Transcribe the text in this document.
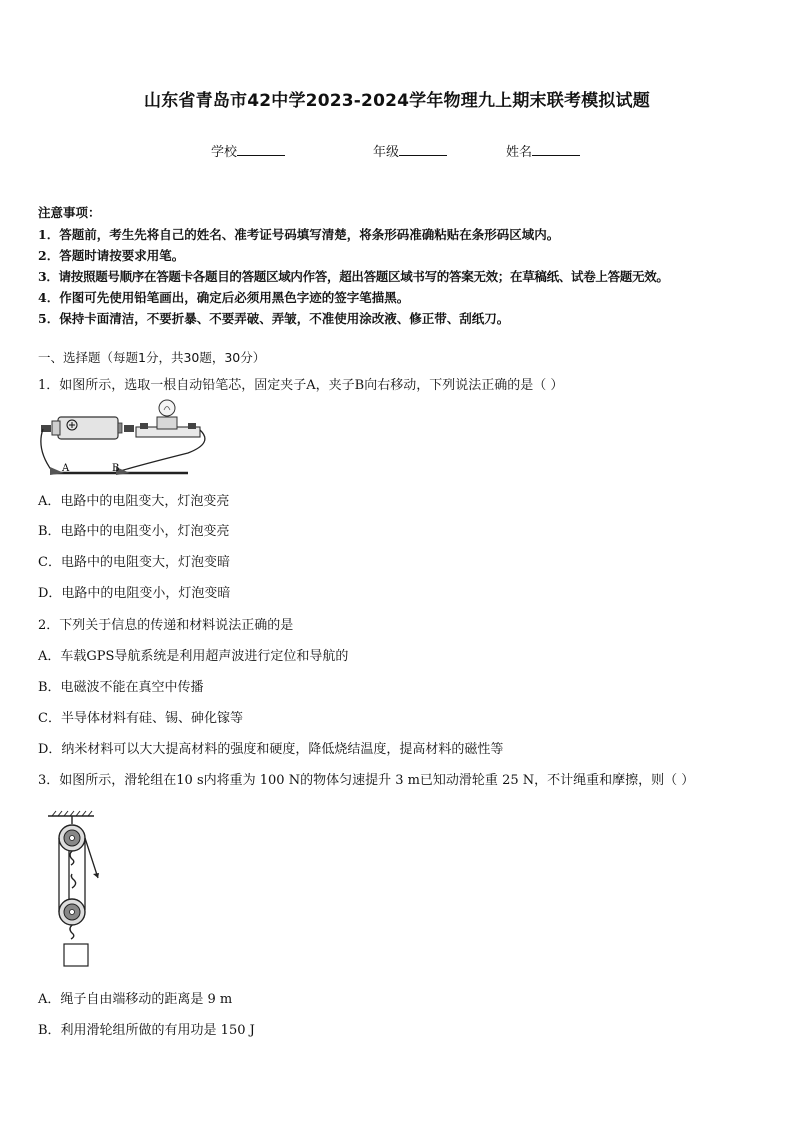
山东省青岛市42中学2023-2024学年物理九上期末联考模拟试题
学校	年级	姓名
注意事项：
1．答题前，考生先将自己的姓名、准考证号码填写清楚，将条形码准确粘贴在条形码区域内。
2．答题时请按要求用笔。
3．请按照题号顺序在答题卡各题目的答题区域内作答，超出答题区域书写的答案无效；在草稿纸、试卷上答题无效。
4．作图可先使用铅笔画出，确定后必须用黑色字迹的签字笔描黑。
5．保持卡面清洁，不要折暴、不要弄破、弄皱，不准使用涂改液、修正带、刮纸刀。
一、选择题（每题1分，共30题，30分）
1．如图所示，选取一根自动铅笔芯，固定夹子A，夹子B向右移动，下列说法正确的是（ ）
A	B
A．电路中的电阻变大，灯泡变亮
B．电路中的电阻变小，灯泡变亮
C．电路中的电阻变大，灯泡变暗
D．电路中的电阻变小，灯泡变暗
2．下列关于信息的传递和材料说法正确的是
A．车载GPS导航系统是利用超声波进行定位和导航的
B．电磁波不能在真空中传播
C．半导体材料有硅、锡、砷化镓等
D．纳米材料可以大大提高材料的强度和硬度，降低烧结温度，提高材料的磁性等
3．如图所示，滑轮组在10 s内将重为 100 N的物体匀速提升 3 m已知动滑轮重 25 N，不计绳重和摩擦，则（ ）
A．绳子自由端移动的距离是 9 m
B．利用滑轮组所做的有用功是 150 J
